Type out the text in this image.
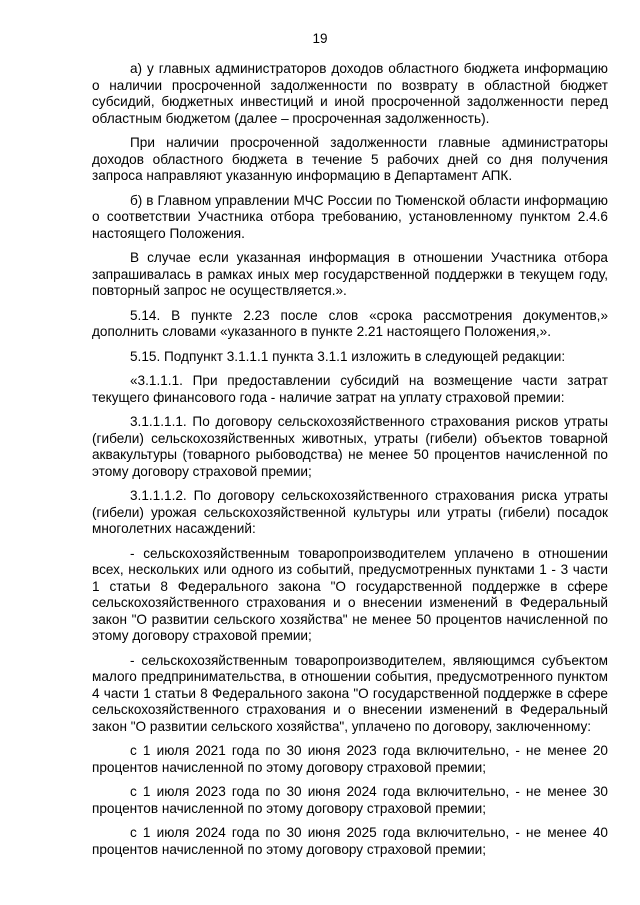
19

а) у главных администраторов доходов областного бюджета информацию о наличии просроченной задолженности по возврату в областной бюджет субсидий, бюджетных инвестиций и иной просроченной задолженности перед областным бюджетом (далее – просроченная задолженность).

При наличии просроченной задолженности главные администраторы доходов областного бюджета в течение 5 рабочих дней со дня получения запроса направляют указанную информацию в Департамент АПК.

б) в Главном управлении МЧС России по Тюменской области информацию о соответствии Участника отбора требованию, установленному пунктом 2.4.6 настоящего Положения.

В случае если указанная информация в отношении Участника отбора запрашивалась в рамках иных мер государственной поддержки в текущем году, повторный запрос не осуществляется.».

5.14. В пункте 2.23 после слов «срока рассмотрения документов,» дополнить словами «указанного в пункте 2.21 настоящего Положения,».

5.15. Подпункт 3.1.1.1 пункта 3.1.1 изложить в следующей редакции:

«3.1.1.1. При предоставлении субсидий на возмещение части затрат текущего финансового года - наличие затрат на уплату страховой премии:

3.1.1.1.1. По договору сельскохозяйственного страхования рисков утраты (гибели) сельскохозяйственных животных, утраты (гибели) объектов товарной аквакультуры (товарного рыбоводства) не менее 50 процентов начисленной по этому договору страховой премии;

3.1.1.1.2. По договору сельскохозяйственного страхования риска утраты (гибели) урожая сельскохозяйственной культуры или утраты (гибели) посадок многолетних насаждений:

- сельскохозяйственным товаропроизводителем уплачено в отношении всех, нескольких или одного из событий, предусмотренных пунктами 1 - 3 части 1 статьи 8 Федерального закона "О государственной поддержке в сфере сельскохозяйственного страхования и о внесении изменений в Федеральный закон "О развитии сельского хозяйства" не менее 50 процентов начисленной по этому договору страховой премии;

- сельскохозяйственным товаропроизводителем, являющимся субъектом малого предпринимательства, в отношении события, предусмотренного пунктом 4 части 1 статьи 8 Федерального закона "О государственной поддержке в сфере сельскохозяйственного страхования и о внесении изменений в Федеральный закон "О развитии сельского хозяйства", уплачено по договору, заключенному:

с 1 июля 2021 года по 30 июня 2023 года включительно, - не менее 20 процентов начисленной по этому договору страховой премии;

с 1 июля 2023 года по 30 июня 2024 года включительно, - не менее 30 процентов начисленной по этому договору страховой премии;

с 1 июля 2024 года по 30 июня 2025 года включительно, - не менее 40 процентов начисленной по этому договору страховой премии;
